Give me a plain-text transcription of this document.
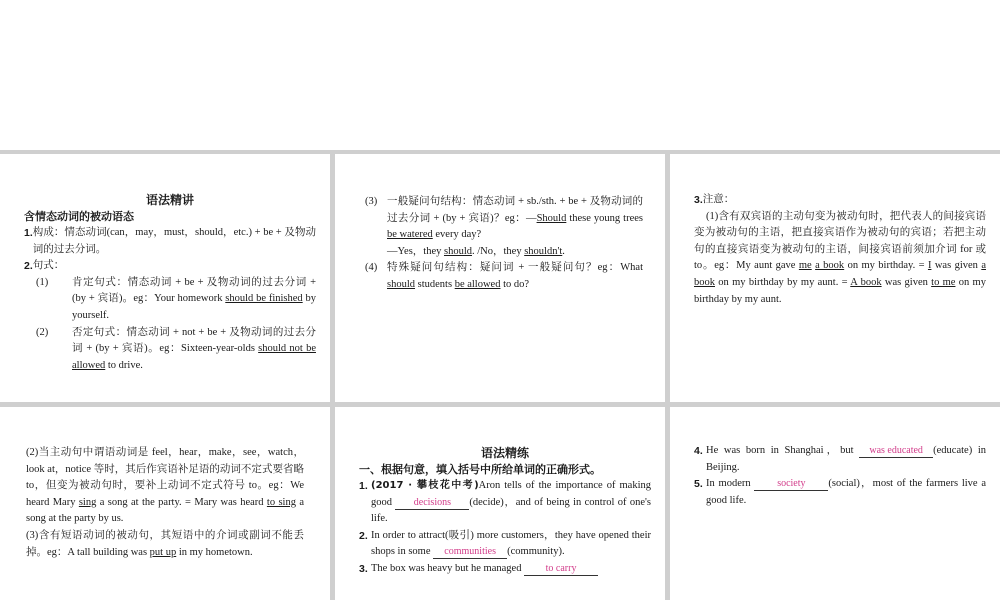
语法精讲
含情态动词的被动语态
1. 构成：情态动词(can，may，must，should，etc.) + be + 及物动词的过去分词。
2. 句式：
(1)	肯定句式：情态动词 + be + 及物动词的过去分词 + (by + 宾语)。eg：Your homework should be finished by yourself.
(2)	否定句式：情态动词 + not + be + 及物动词的过去分词 + (by + 宾语)。eg：Sixteen-year-olds should not be allowed to drive.
(3) 一般疑问句结构：情态动词 + sb./sth. + be + 及物动词的过去分词 + (by + 宾语)？eg：—Should these young trees be watered every day?
—Yes，they should. /No，they shouldn't.
(4) 特殊疑问句结构：疑问词 + 一般疑问句？eg：What should students be allowed to do?
3. 注意：

(1)含有双宾语的主动句变为被动句时，把代表人的间接宾语变为被动句的主语，把直接宾语作为被动句的宾语；若把主动句的直接宾语变为被动句的主语，间接宾语前须加介词 for 或 to。eg：My aunt gave me a book on my birthday. = I was given a book on my birthday by my aunt. = A book was given to me on my birthday by my aunt.

(2)当主动句中谓语动词是 feel，hear，make，see，watch，look at，notice 等时，其后作宾语补足语的动词不定式要省略 to，但变为被动句时，要补上动词不定式符号 to。eg：We heard Mary sing a song at the party. = Mary was heard to sing a song at the party by us.

(3)含有短语动词的被动句，其短语中的介词或副词不能丢掉。eg：A tall building was put up in my hometown.

语法精练
一、根据句意，填入括号中所给单词的正确形式。
1. (2017 · 攀枝花中考)Aron tells of the importance of making good decisions (decide)，and of being in control of one's life.
2. In order to attract(吸引) more customers，they have opened their shops in some communities (community).
3. The box was heavy but he managed to carry
4. He was born in Shanghai，but was educated (educate) in Beijing.
5. In modern society (social)，most of the farmers live a good life.
